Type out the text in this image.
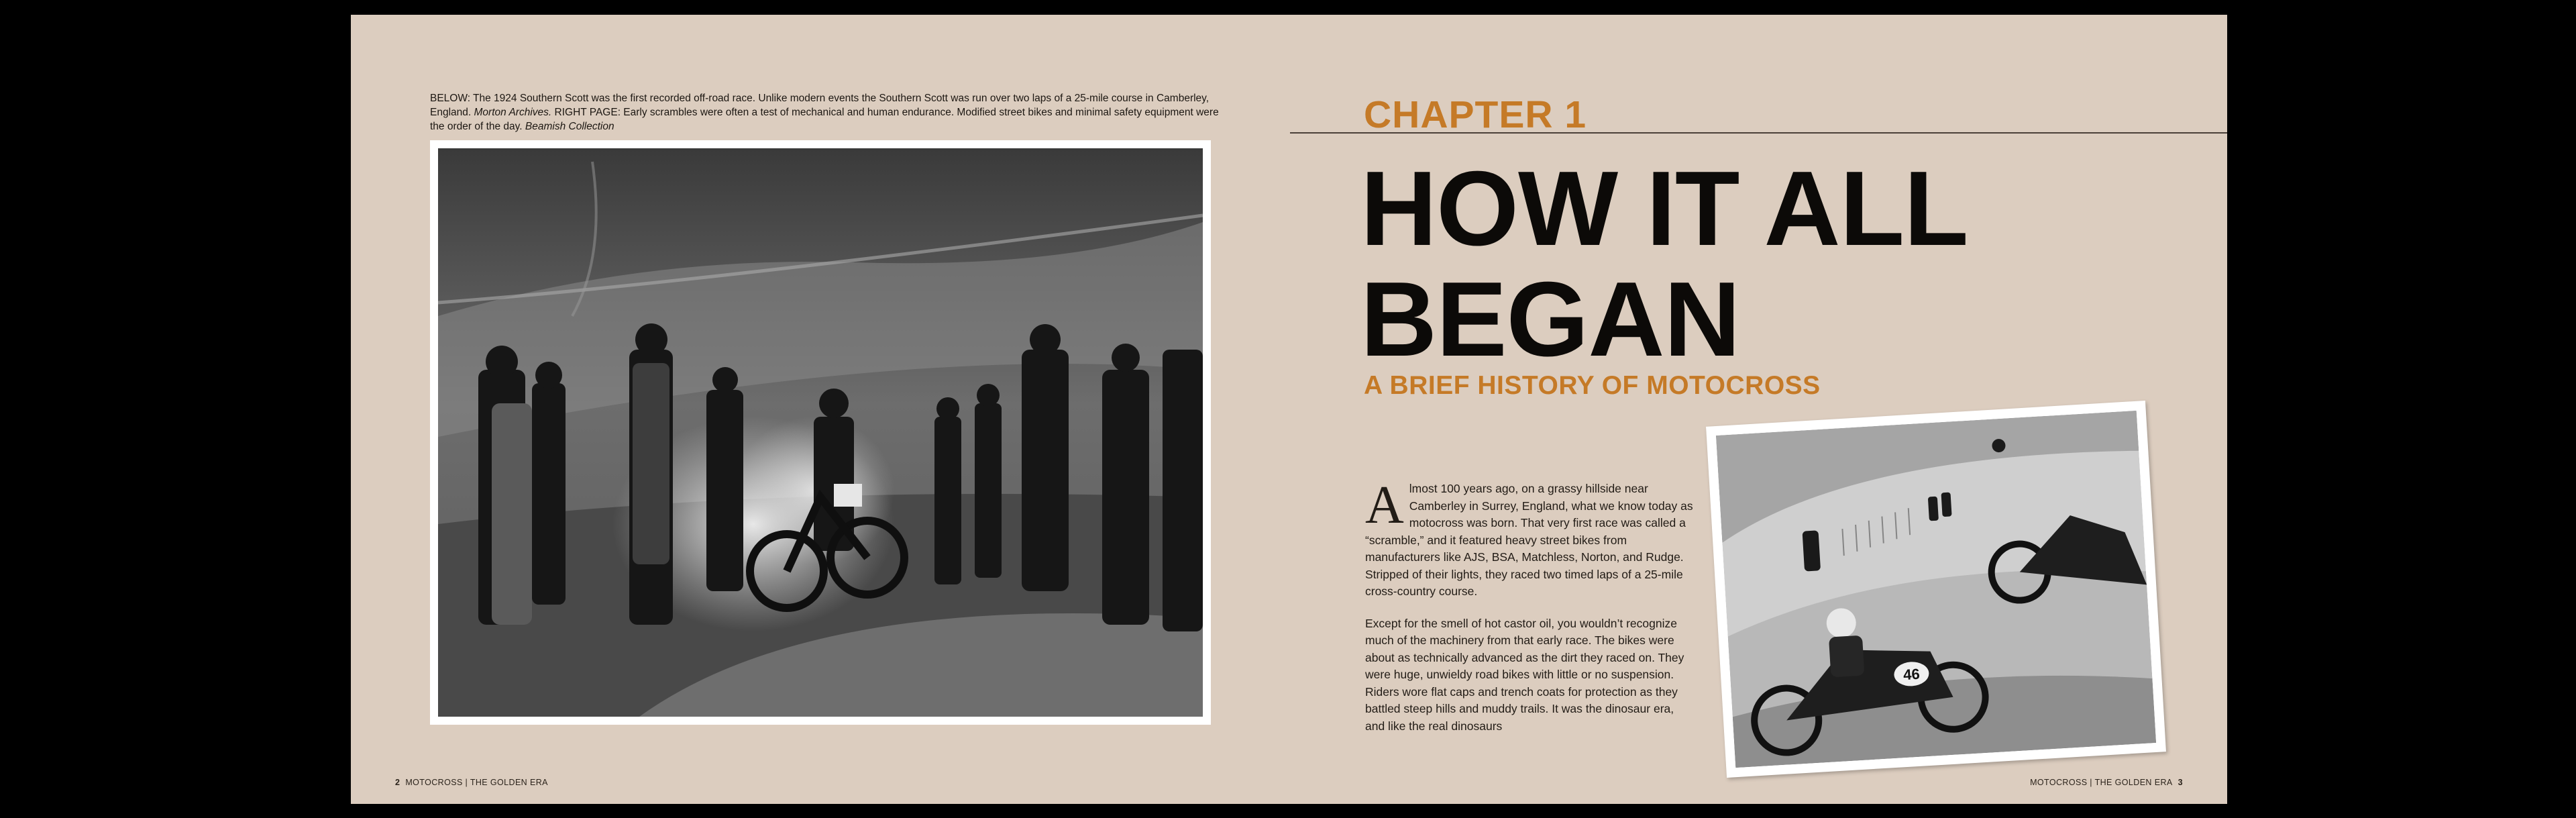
BELOW: The 1924 Southern Scott was the first recorded off-road race. Unlike modern events the Southern Scott was run over two laps of a 25-mile course in Camberley, England. Morton Archives. RIGHT PAGE: Early scrambles were often a test of mechanical and human endurance. Modified street bikes and minimal safety equipment were the order of the day. Beamish Collection
2 MOTOCROSS | THE GOLDEN ERA
CHAPTER 1
HOW IT ALL
BEGAN
A BRIEF HISTORY OF MOTOCROSS

Almost 100 years ago, on a grassy hillside near Camberley in Surrey, England, what we know today as motocross was born. That very first race was called a “scramble,” and it featured heavy street bikes from manufacturers like AJS, BSA, Matchless, Norton, and Rudge. Stripped of their lights, they raced two timed laps of a 25-mile cross-country course.

Except for the smell of hot castor oil, you wouldn’t recognize much of the machinery from that early race. The bikes were about as technically advanced as the dirt they raced on. They were huge, unwieldy road bikes with little or no suspension. Riders wore flat caps and trench coats for protection as they battled steep hills and muddy trails. It was the dinosaur era, and like the real dinosaurs

46
MOTOCROSS | THE GOLDEN ERA 3
